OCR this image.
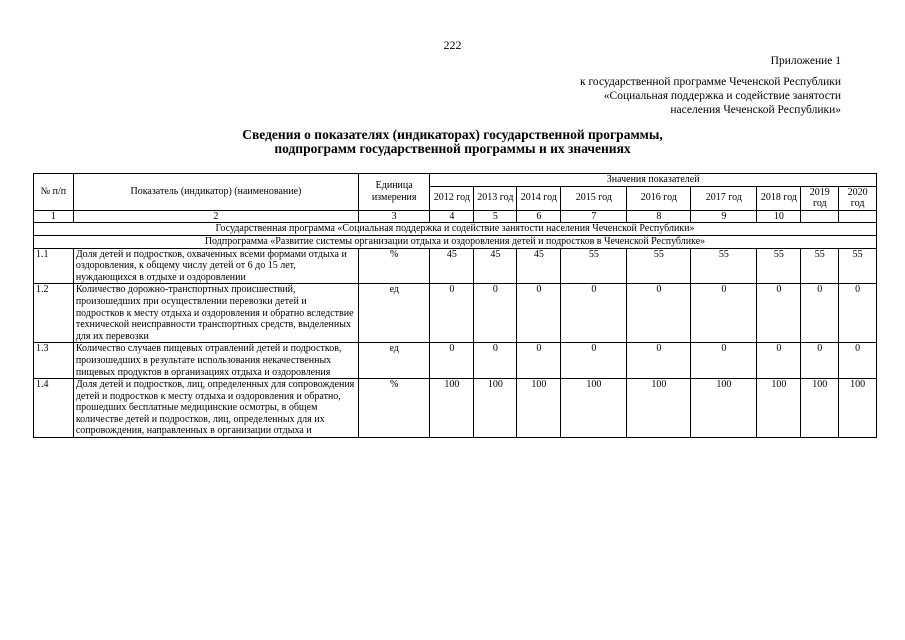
222
Приложение 1
к государственной программе Чеченской Республики
«Социальная поддержка и содействие занятости
населения Чеченской Республики»
Сведения о показателях (индикаторах) государственной программы,
подпрограмм государственной программы и их значениях
№ п/п	Показатель (индикатор) (наименование)	Единица измерения	Значения показателей								
			2012 год	2013 год	2014 год	2015 год	2016 год	2017 год	2018 год	2019 год	2020 год
1	2	3	4	5	6	7	8	9	10		
Государственная программа «Социальная поддержка и содействие занятости населения Чеченской Республики»											
Подпрограмма «Развитие системы организации отдыха и оздоровления детей и подростков в Чеченской Республике»											
1.1	Доля детей и подростков, охваченных всеми формами отдыха и оздоровления, к общему числу детей от 6 до 15 лет, нуждающихся в отдыхе и оздоровлении	%	45	45	45	55	55	55	55	55	55
1.2	Количество дорожно-транспортных происшествий, произошедших при осуществлении перевозки детей и подростков к месту отдыха и оздоровления и обратно вследствие технической неисправности транспортных средств, выделенных для их перевозки	ед	0	0	0	0	0	0	0	0	0
1.3	Количество случаев пищевых отравлений детей и подростков, произошедших в результате использования некачественных пищевых продуктов в организациях отдыха и оздоровления	ед	0	0	0	0	0	0	0	0	0
1.4	Доля детей и подростков, лиц, определенных для сопровождения детей и подростков к месту отдыха и оздоровления и обратно, прошедших бесплатные медицинские осмотры, в общем количестве детей и подростков, лиц, определенных для их сопровождения, направленных в организации отдыха и	%	100	100	100	100	100	100	100	100	100
